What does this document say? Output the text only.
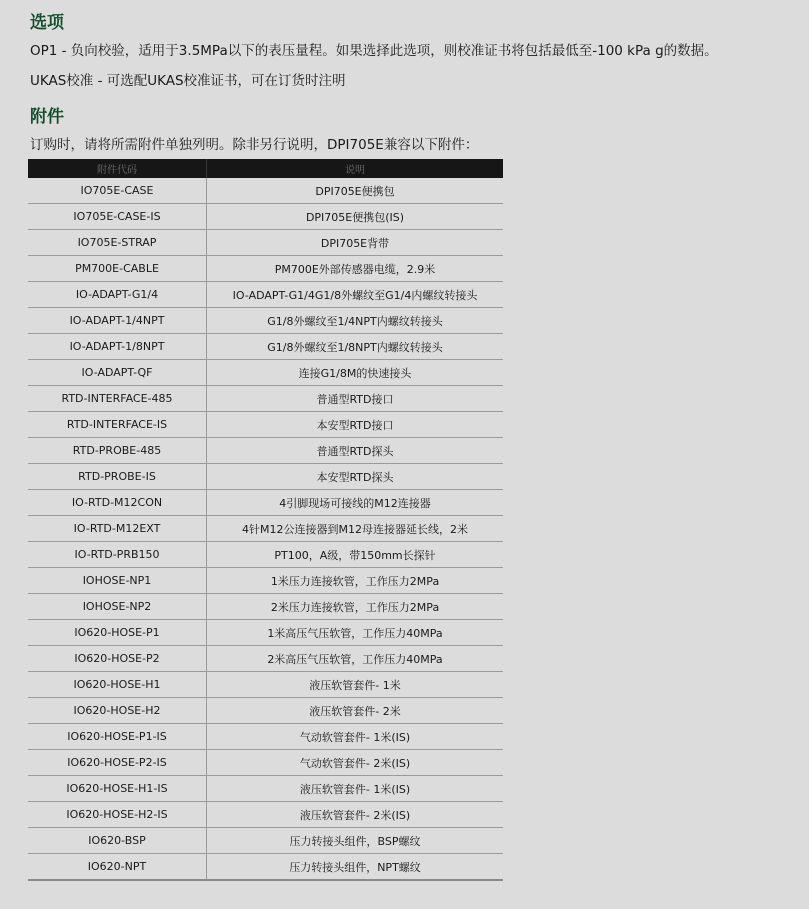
选项

OP1 - 负向校验，适用于3.5MPa以下的表压量程。如果选择此选项，则校准证书将包括最低至-100 kPa g的数据。

UKAS校准 - 可选配UKAS校准证书，可在订货时注明

附件

订购时，请将所需附件单独列明。除非另行说明，DPI705E兼容以下附件：

附件代码	说明
IO705E-CASE	DPI705E便携包
IO705E-CASE-IS	DPI705E便携包(IS)
IO705E-STRAP	DPI705E背带
PM700E-CABLE	PM700E外部传感器电缆，2.9米
IO-ADAPT-G1/4	IO-ADAPT-G1/4G1/8外螺纹至G1/4内螺纹转接头
IO-ADAPT-1/4NPT	G1/8外螺纹至1/4NPT内螺纹转接头
IO-ADAPT-1/8NPT	G1/8外螺纹至1/8NPT内螺纹转接头
IO-ADAPT-QF	连接G1/8M的快速接头
RTD-INTERFACE-485	普通型RTD接口
RTD-INTERFACE-IS	本安型RTD接口
RTD-PROBE-485	普通型RTD探头
RTD-PROBE-IS	本安型RTD探头
IO-RTD-M12CON	4引脚现场可接线的M12连接器
IO-RTD-M12EXT	4针M12公连接器到M12母连接器延长线，2米
IO-RTD-PRB150	PT100，A级，带150mm长探针
IOHOSE-NP1	1米压力连接软管，工作压力2MPa
IOHOSE-NP2	2米压力连接软管，工作压力2MPa
IO620-HOSE-P1	1米高压气压软管，工作压力40MPa
IO620-HOSE-P2	2米高压气压软管，工作压力40MPa
IO620-HOSE-H1	液压软管套件- 1米
IO620-HOSE-H2	液压软管套件- 2米
IO620-HOSE-P1-IS	气动软管套件- 1米(IS)
IO620-HOSE-P2-IS	气动软管套件- 2米(IS)
IO620-HOSE-H1-IS	液压软管套件- 1米(IS)
IO620-HOSE-H2-IS	液压软管套件- 2米(IS)
IO620-BSP	压力转接头组件，BSP螺纹
IO620-NPT	压力转接头组件，NPT螺纹
